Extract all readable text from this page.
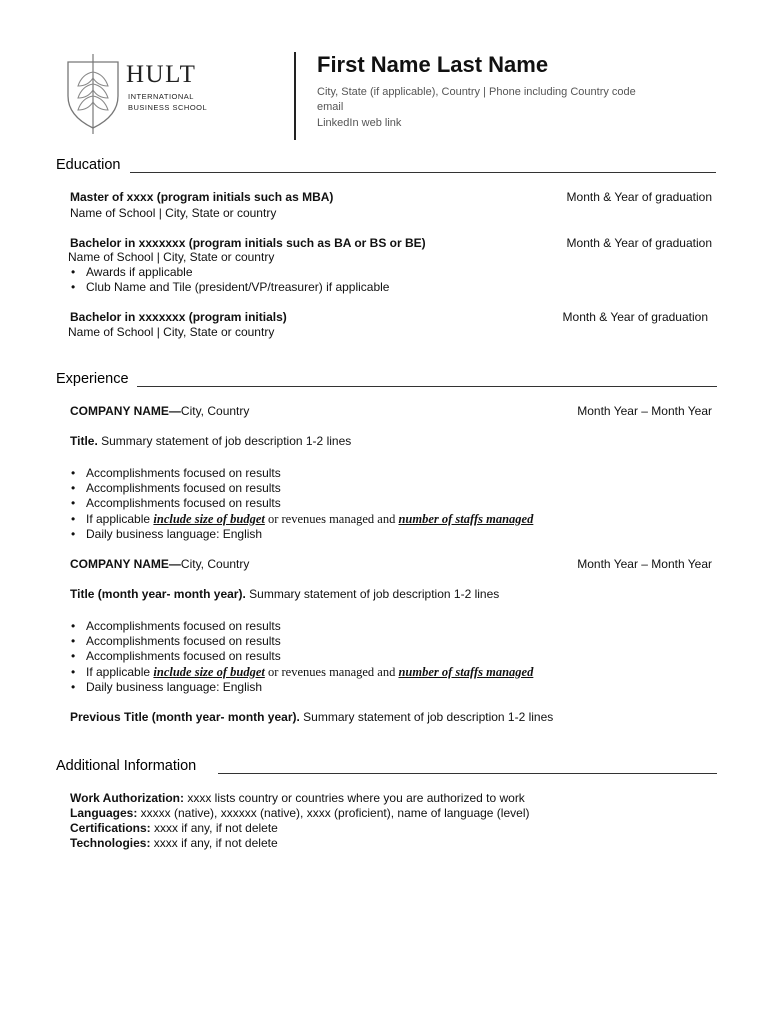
HULT
INTERNATIONAL
BUSINESS SCHOOL
First Name Last Name
City, State (if applicable), Country | Phone including Country code
email
LinkedIn web link
Education
Master of xxxx (program initials such as MBA)	Month & Year of graduation
Name of School | City, State or country
Bachelor in xxxxxxx (program initials such as BA or BS or BE)	Month & Year of graduation
Name of School | City, State or country
• Awards if applicable
• Club Name and Tile (president/VP/treasurer) if applicable
Bachelor in xxxxxxx (program initials)	Month & Year of graduation
Name of School | City, State or country
Experience
COMPANY NAME—City, Country	Month Year – Month Year
Title. Summary statement of job description 1-2 lines
• Accomplishments focused on results
• Accomplishments focused on results
• Accomplishments focused on results
• If applicable include size of budget or revenues managed and number of staffs managed
• Daily business language: English
COMPANY NAME—City, Country	Month Year – Month Year
Title (month year- month year). Summary statement of job description 1-2 lines
• Accomplishments focused on results
• Accomplishments focused on results
• Accomplishments focused on results
• If applicable include size of budget or revenues managed and number of staffs managed
• Daily business language: English
Previous Title (month year- month year). Summary statement of job description 1-2 lines
Additional Information
Work Authorization: xxxx lists country or countries where you are authorized to work
Languages: xxxxx (native), xxxxxx (native), xxxx (proficient), name of language (level)
Certifications: xxxx if any, if not delete
Technologies: xxxx if any, if not delete
